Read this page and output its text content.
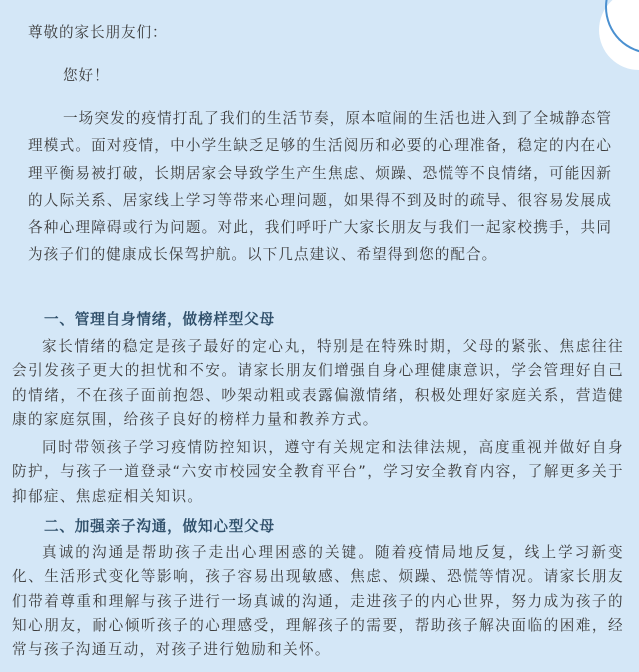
尊敬的家长朋友们：

您好！

一场突发的疫情打乱了我们的生活节奏，原本喧闹的生活也进入到了全城静态管理模式。面对疫情，中小学生缺乏足够的生活阅历和必要的心理准备，稳定的内在心理平衡易被打破，长期居家会导致学生产生焦虑、烦躁、恐慌等不良情绪，可能因新的人际关系、居家线上学习等带来心理问题，如果得不到及时的疏导、很容易发展成各种心理障碍或行为问题。对此，我们呼吁广大家长朋友与我们一起家校携手，共同为孩子们的健康成长保驾护航。以下几点建议、希望得到您的配合。

一、管理自身情绪，做榜样型父母

家长情绪的稳定是孩子最好的定心丸，特别是在特殊时期，父母的紧张、焦虑往往会引发孩子更大的担忧和不安。请家长朋友们增强自身心理健康意识，学会管理好自己的情绪，不在孩子面前抱怨、吵架动粗或表露偏激情绪，积极处理好家庭关系，营造健康的家庭氛围，给孩子良好的榜样力量和教养方式。

同时带领孩子学习疫情防控知识，遵守有关规定和法律法规，高度重视并做好自身防护，与孩子一道登录“六安市校园安全教育平台”，学习安全教育内容，了解更多关于抑郁症、焦虑症相关知识。

二、加强亲子沟通，做知心型父母

真诚的沟通是帮助孩子走出心理困惑的关键。随着疫情局地反复，线上学习新变化、生活形式变化等影响，孩子容易出现敏感、焦虑、烦躁、恐慌等情况。请家长朋友们带着尊重和理解与孩子进行一场真诚的沟通，走进孩子的内心世界，努力成为孩子的知心朋友，耐心倾听孩子的心理感受，理解孩子的需要，帮助孩子解决面临的困难，经常与孩子沟通互动，对孩子进行勉励和关怀。
